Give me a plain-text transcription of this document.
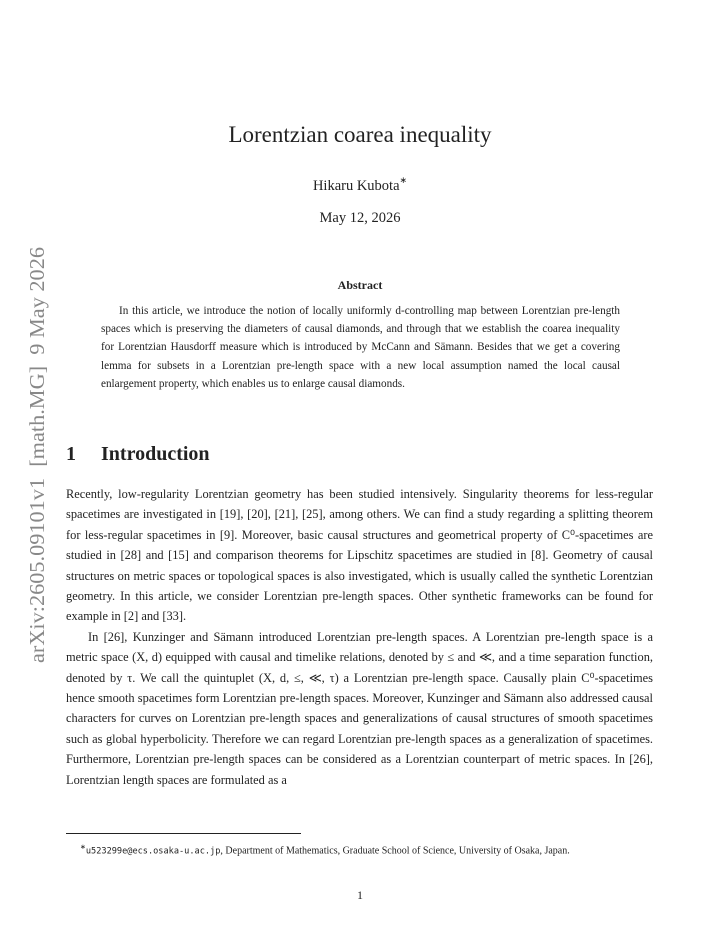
arXiv:2605.09101v1  [math.MG]  9 May 2026
Lorentzian coarea inequality
Hikaru Kubota∗
May 12, 2026
Abstract
In this article, we introduce the notion of locally uniformly d-controlling map between Lorentzian pre-length spaces which is preserving the diameters of causal diamonds, and through that we establish the coarea inequality for Lorentzian Hausdorff measure which is introduced by McCann and Sämann. Besides that we get a covering lemma for subsets in a Lorentzian pre-length space with a new local assumption named the local causal enlargement property, which enables us to enlarge causal diamonds.
1 Introduction

Recently, low-regularity Lorentzian geometry has been studied intensively. Singularity theorems for less-regular spacetimes are investigated in [19], [20], [21], [25], among others. We can find a study regarding a splitting theorem for less-regular spacetimes in [9]. Moreover, basic causal structures and geometrical property of C⁰-spacetimes are studied in [28] and [15] and comparison theorems for Lipschitz spacetimes are studied in [8]. Geometry of causal structures on metric spaces or topological spaces is also investigated, which is usually called the synthetic Lorentzian geometry. In this article, we consider Lorentzian pre-length spaces. Other synthetic frameworks can be found for example in [2] and [33].

In [26], Kunzinger and Sämann introduced Lorentzian pre-length spaces. A Lorentzian pre-length space is a metric space (X, d) equipped with causal and timelike relations, denoted by ≤ and ≪, and a time separation function, denoted by τ. We call the quintuplet (X, d, ≤, ≪, τ) a Lorentzian pre-length space. Causally plain C⁰-spacetimes hence smooth spacetimes form Lorentzian pre-length spaces. Moreover, Kunzinger and Sämann also addressed causal characters for curves on Lorentzian pre-length spaces and generalizations of causal structures of smooth spacetimes such as global hyperbolicity. Therefore we can regard Lorentzian pre-length spaces as a generalization of spacetimes. Furthermore, Lorentzian pre-length spaces can be considered as a Lorentzian counterpart of metric spaces. In [26], Lorentzian length spaces are formulated as a

∗u523299e@ecs.osaka-u.ac.jp, Department of Mathematics, Graduate School of Science, University of Osaka, Japan.
1
